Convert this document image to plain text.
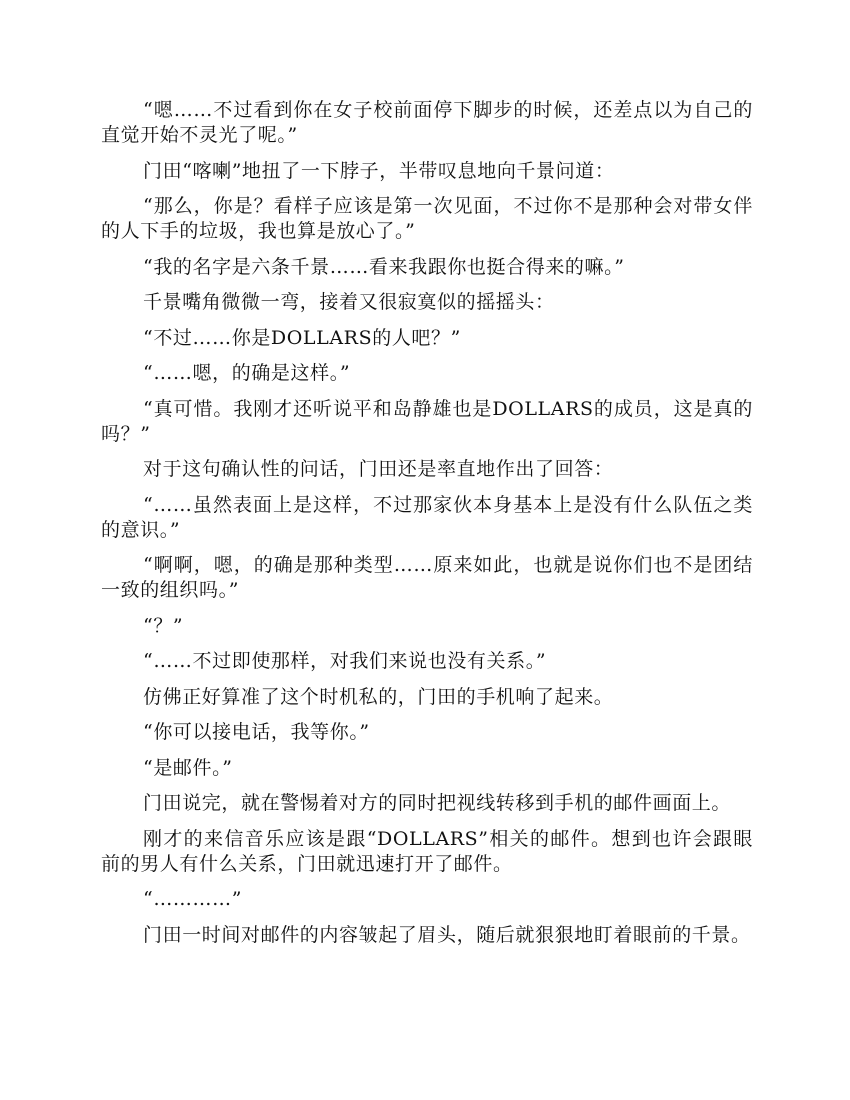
“嗯……不过看到你在女子校前面停下脚步的时候，还差点以为自己的直觉开始不灵光了呢。”

门田“喀喇”地扭了一下脖子，半带叹息地向千景问道：

“那么，你是？看样子应该是第一次见面，不过你不是那种会对带女伴的人下手的垃圾，我也算是放心了。”

“我的名字是六条千景……看来我跟你也挺合得来的嘛。”

千景嘴角微微一弯，接着又很寂寞似的摇摇头：

“不过……你是DOLLARS的人吧？”

“……嗯，的确是这样。”

“真可惜。我刚才还听说平和岛静雄也是DOLLARS的成员，这是真的吗？”

对于这句确认性的问话，门田还是率直地作出了回答：

“……虽然表面上是这样，不过那家伙本身基本上是没有什么队伍之类的意识。”

“啊啊，嗯，的确是那种类型……原来如此，也就是说你们也不是团结一致的组织吗。”

“？”

“……不过即使那样，对我们来说也没有关系。”

仿佛正好算准了这个时机私的，门田的手机响了起来。

“你可以接电话，我等你。”

“是邮件。”

门田说完，就在警惕着对方的同时把视线转移到手机的邮件画面上。

刚才的来信音乐应该是跟“DOLLARS”相关的邮件。想到也许会跟眼前的男人有什么关系，门田就迅速打开了邮件。

“…………”

门田一时间对邮件的内容皱起了眉头，随后就狠狠地盯着眼前的千景。
